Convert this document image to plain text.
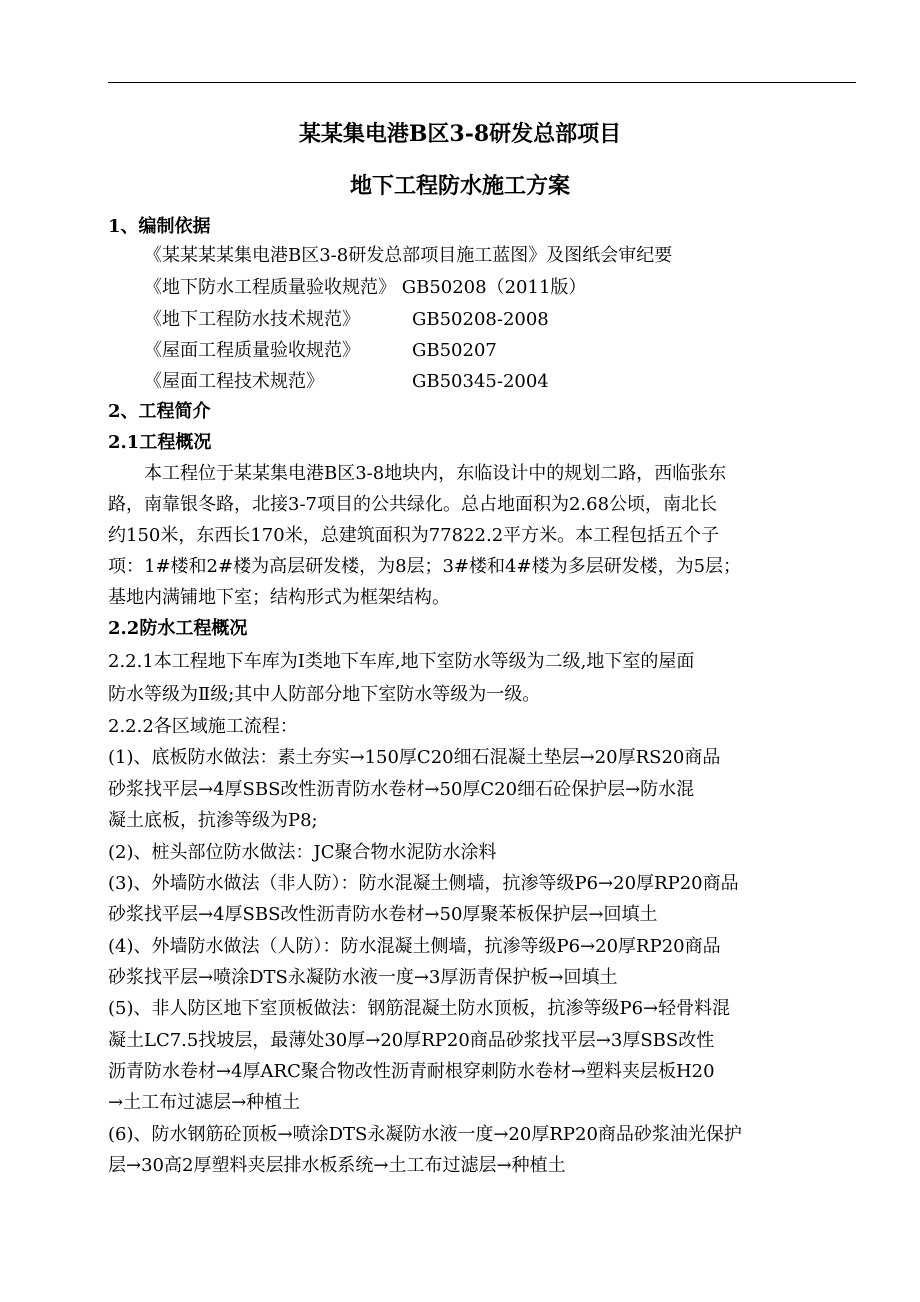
某某集电港B区3-8研发总部项目
地下工程防水施工方案
1、编制依据
《某某某某集电港B区3-8研发总部项目施工蓝图》及图纸会审纪要
《地下防水工程质量验收规范》 GB50208（2011版）
《地下工程防水技术规范》	GB50208-2008
《屋面工程质量验收规范》	GB50207
《屋面工程技术规范》	GB50345-2004
2、工程简介
2.1工程概况
本工程位于某某集电港B区3-8地块内，东临设计中的规划二路，西临张东
路，南靠银冬路，北接3-7项目的公共绿化。总占地面积为2.68公顷，南北长
约150米，东西长170米，总建筑面积为77822.2平方米。本工程包括五个子
项：1#楼和2#楼为高层研发楼，为8层；3#楼和4#楼为多层研发楼，为5层；
基地内满铺地下室；结构形式为框架结构。
2.2防水工程概况
2.2.1本工程地下车库为Ⅰ类地下车库,地下室防水等级为二级,地下室的屋面
防水等级为Ⅱ级;其中人防部分地下室防水等级为一级。
2.2.2各区域施工流程：
(1)、底板防水做法：素土夯实→150厚C20细石混凝土垫层→20厚RS20商品
砂浆找平层→4厚SBS改性沥青防水卷材→50厚C20细石砼保护层→防水混
凝土底板，抗渗等级为P8;
(2)、桩头部位防水做法：JC聚合物水泥防水涂料
(3)、外墙防水做法（非人防）：防水混凝土侧墙，抗渗等级P6→20厚RP20商品
砂浆找平层→4厚SBS改性沥青防水卷材→50厚聚苯板保护层→回填土
(4)、外墙防水做法（人防）：防水混凝土侧墙，抗渗等级P6→20厚RP20商品
砂浆找平层→喷涂DTS永凝防水液一度→3厚沥青保护板→回填土
(5)、非人防区地下室顶板做法：钢筋混凝土防水顶板，抗渗等级P6→轻骨料混
凝土LC7.5找坡层，最薄处30厚→20厚RP20商品砂浆找平层→3厚SBS改性
沥青防水卷材→4厚ARC聚合物改性沥青耐根穿刺防水卷材→塑料夹层板H20
→土工布过滤层→种植土
(6)、防水钢筋砼顶板→喷涂DTS永凝防水液一度→20厚RP20商品砂浆油光保护
层→30高2厚塑料夹层排水板系统→土工布过滤层→种植土
